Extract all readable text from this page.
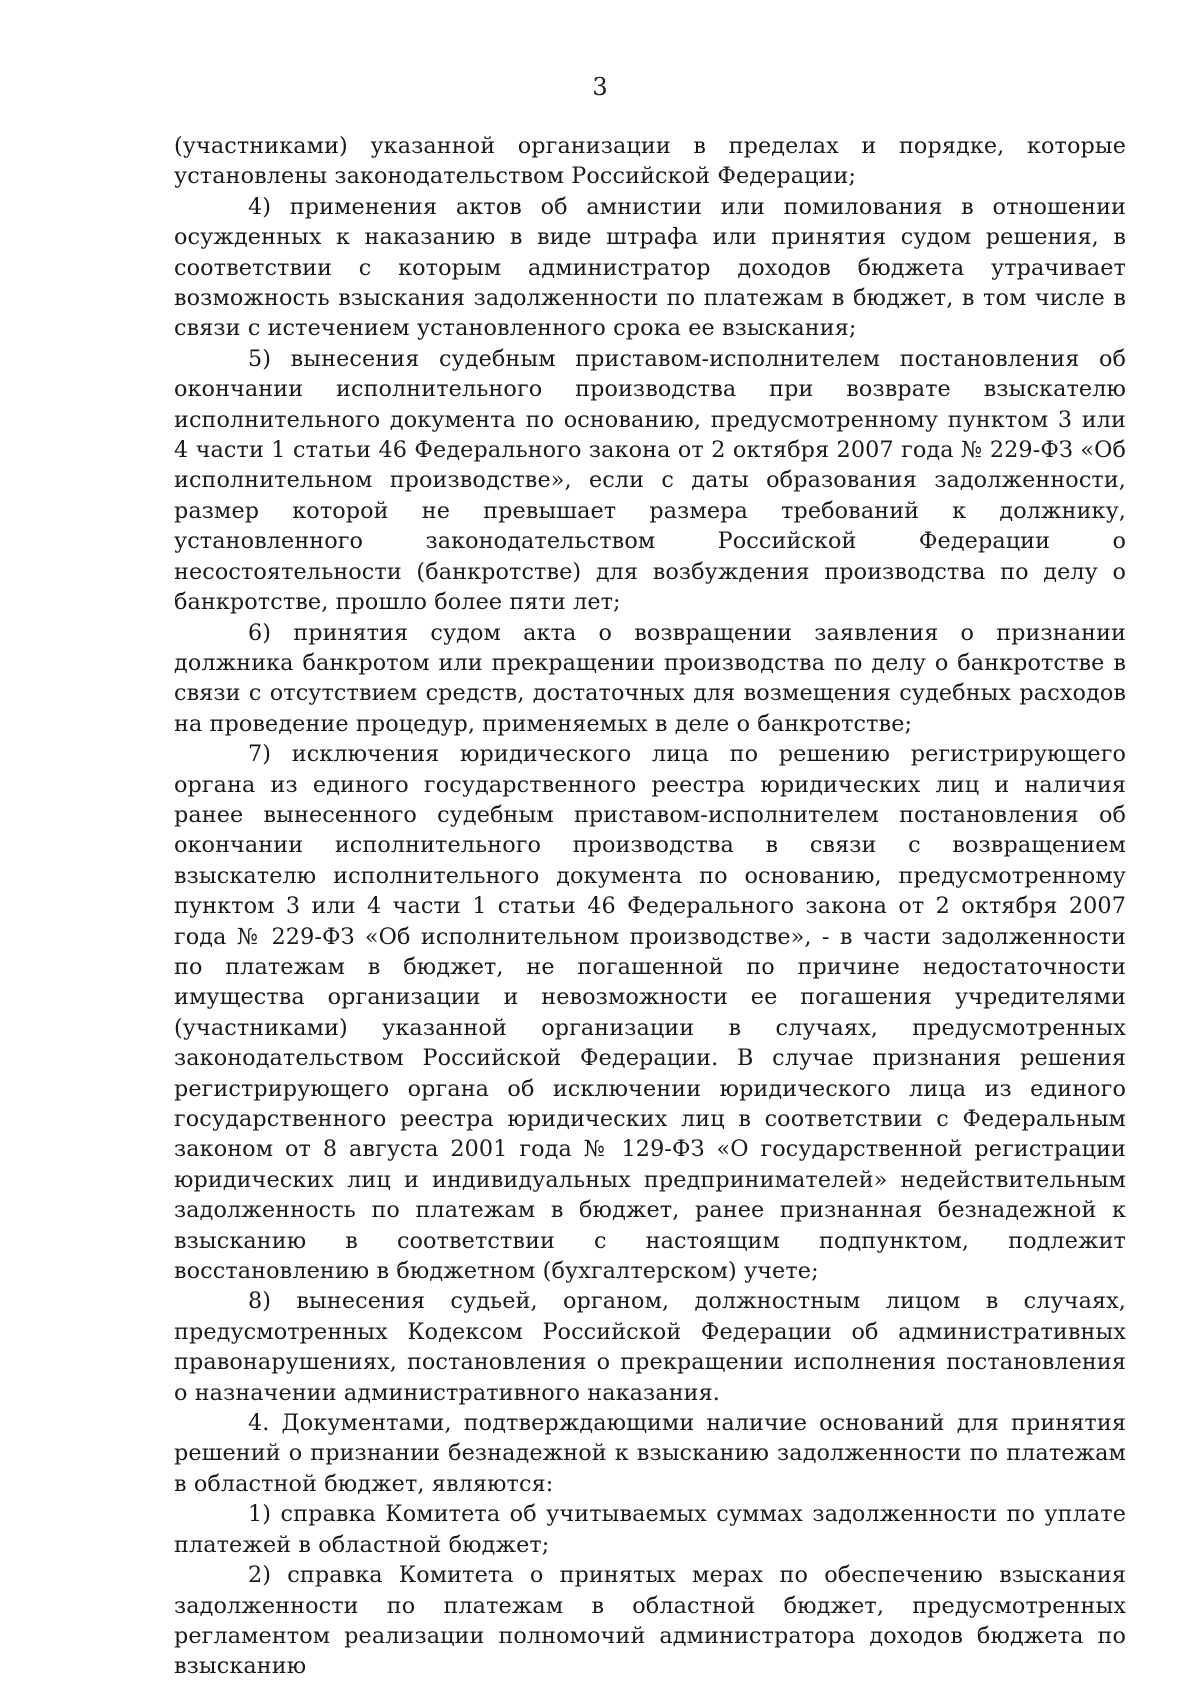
3

(участниками) указанной организации в пределах и порядке, которые установлены законодательством Российской Федерации;

4) применения актов об амнистии или помилования в отношении осужденных к наказанию в виде штрафа или принятия судом решения, в соответствии с которым администратор доходов бюджета утрачивает возможность взыскания задолженности по платежам в бюджет, в том числе в связи с истечением установленного срока ее взыскания;

5) вынесения судебным приставом-исполнителем постановления об окончании исполнительного производства при возврате взыскателю исполнительного документа по основанию, предусмотренному пунктом 3 или 4 части 1 статьи 46 Федерального закона от 2 октября 2007 года № 229-ФЗ «Об исполнительном производстве», если с даты образования задолженности, размер которой не превышает размера требований к должнику, установленного законодательством Российской Федерации о несостоятельности (банкротстве) для возбуждения производства по делу о банкротстве, прошло более пяти лет;

6) принятия судом акта о возвращении заявления о признании должника банкротом или прекращении производства по делу о банкротстве в связи с отсутствием средств, достаточных для возмещения судебных расходов на проведение процедур, применяемых в деле о банкротстве;

7) исключения юридического лица по решению регистрирующего органа из единого государственного реестра юридических лиц и наличия ранее вынесенного судебным приставом-исполнителем постановления об окончании исполнительного производства в связи с возвращением взыскателю исполнительного документа по основанию, предусмотренному пунктом 3 или 4 части 1 статьи 46 Федерального закона от 2 октября 2007 года № 229-ФЗ «Об исполнительном производстве», - в части задолженности по платежам в бюджет, не погашенной по причине недостаточности имущества организации и невозможности ее погашения учредителями (участниками) указанной организации в случаях, предусмотренных законодательством Российской Федерации. В случае признания решения регистрирующего органа об исключении юридического лица из единого государственного реестра юридических лиц в соответствии с Федеральным законом от 8 августа 2001 года № 129-ФЗ «О государственной регистрации юридических лиц и индивидуальных предпринимателей» недействительным задолженность по платежам в бюджет, ранее признанная безнадежной к взысканию в соответствии с настоящим подпунктом, подлежит восстановлению в бюджетном (бухгалтерском) учете;

8) вынесения судьей, органом, должностным лицом в случаях, предусмотренных Кодексом Российской Федерации об административных правонарушениях, постановления о прекращении исполнения постановления о назначении административного наказания.

4. Документами, подтверждающими наличие оснований для принятия решений о признании безнадежной к взысканию задолженности по платежам в областной бюджет, являются:

1) справка Комитета об учитываемых суммах задолженности по уплате платежей в областной бюджет;

2) справка Комитета о принятых мерах по обеспечению взыскания задолженности по платежам в областной бюджет, предусмотренных регламентом реализации полномочий администратора доходов бюджета по взысканию
